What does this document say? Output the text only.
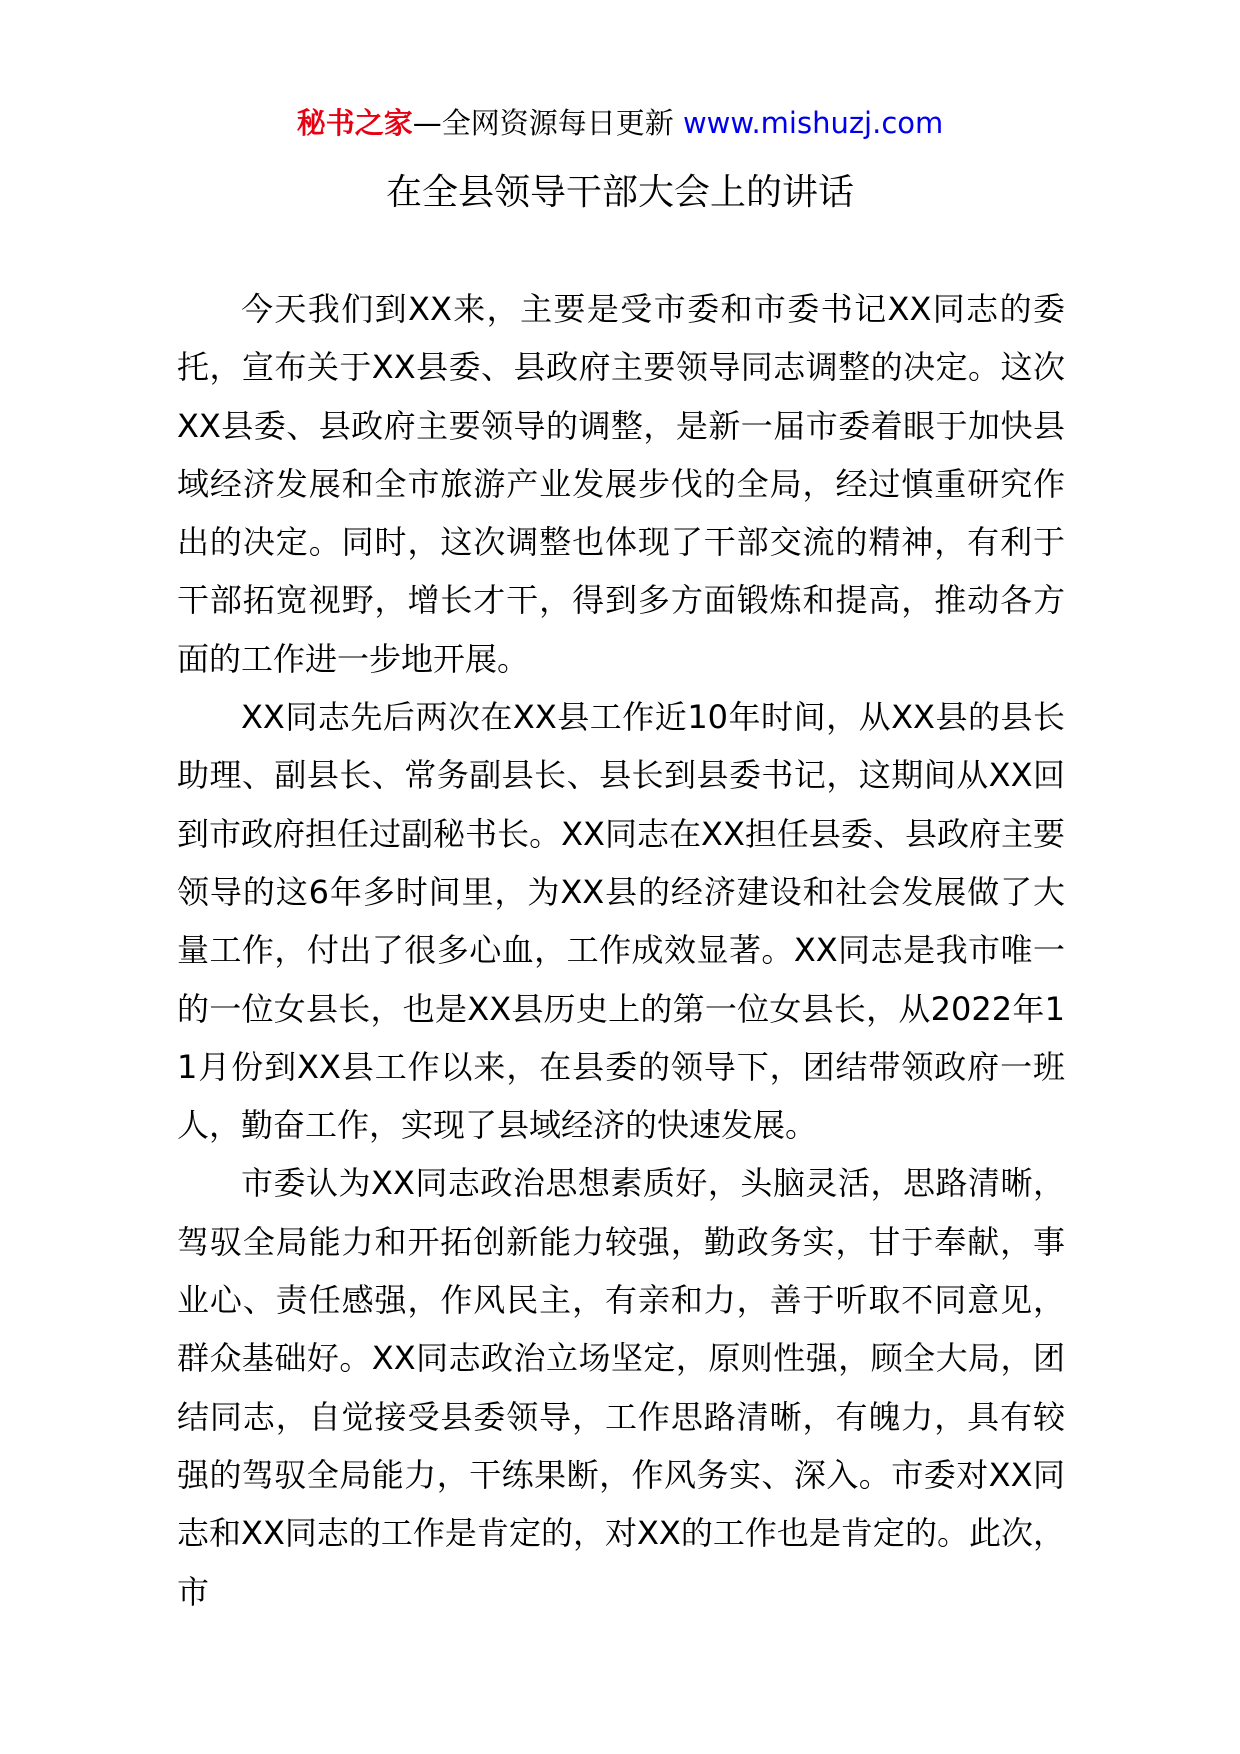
秘书之家—全网资源每日更新 www.mishuzj.com
在全县领导干部大会上的讲话

今天我们到XX来，主要是受市委和市委书记XX同志的委托，宣布关于XX县委、县政府主要领导同志调整的决定。这次XX县委、县政府主要领导的调整，是新一届市委着眼于加快县域经济发展和全市旅游产业发展步伐的全局，经过慎重研究作出的决定。同时，这次调整也体现了干部交流的精神，有利于干部拓宽视野，增长才干，得到多方面锻炼和提高，推动各方面的工作进一步地开展。

XX同志先后两次在XX县工作近10年时间，从XX县的县长助理、副县长、常务副县长、县长到县委书记，这期间从XX回到市政府担任过副秘书长。XX同志在XX担任县委、县政府主要领导的这6年多时间里，为XX县的经济建设和社会发展做了大量工作，付出了很多心血，工作成效显著。XX同志是我市唯一的一位女县长，也是XX县历史上的第一位女县长，从2022年11月份到XX县工作以来，在县委的领导下，团结带领政府一班人，勤奋工作，实现了县域经济的快速发展。

市委认为XX同志政治思想素质好，头脑灵活，思路清晰，驾驭全局能力和开拓创新能力较强，勤政务实，甘于奉献，事业心、责任感强，作风民主，有亲和力，善于听取不同意见，群众基础好。XX同志政治立场坚定，原则性强，顾全大局，团结同志，自觉接受县委领导，工作思路清晰，有魄力，具有较强的驾驭全局能力，干练果断，作风务实、深入。市委对XX同志和XX同志的工作是肯定的，对XX的工作也是肯定的。此次，市
